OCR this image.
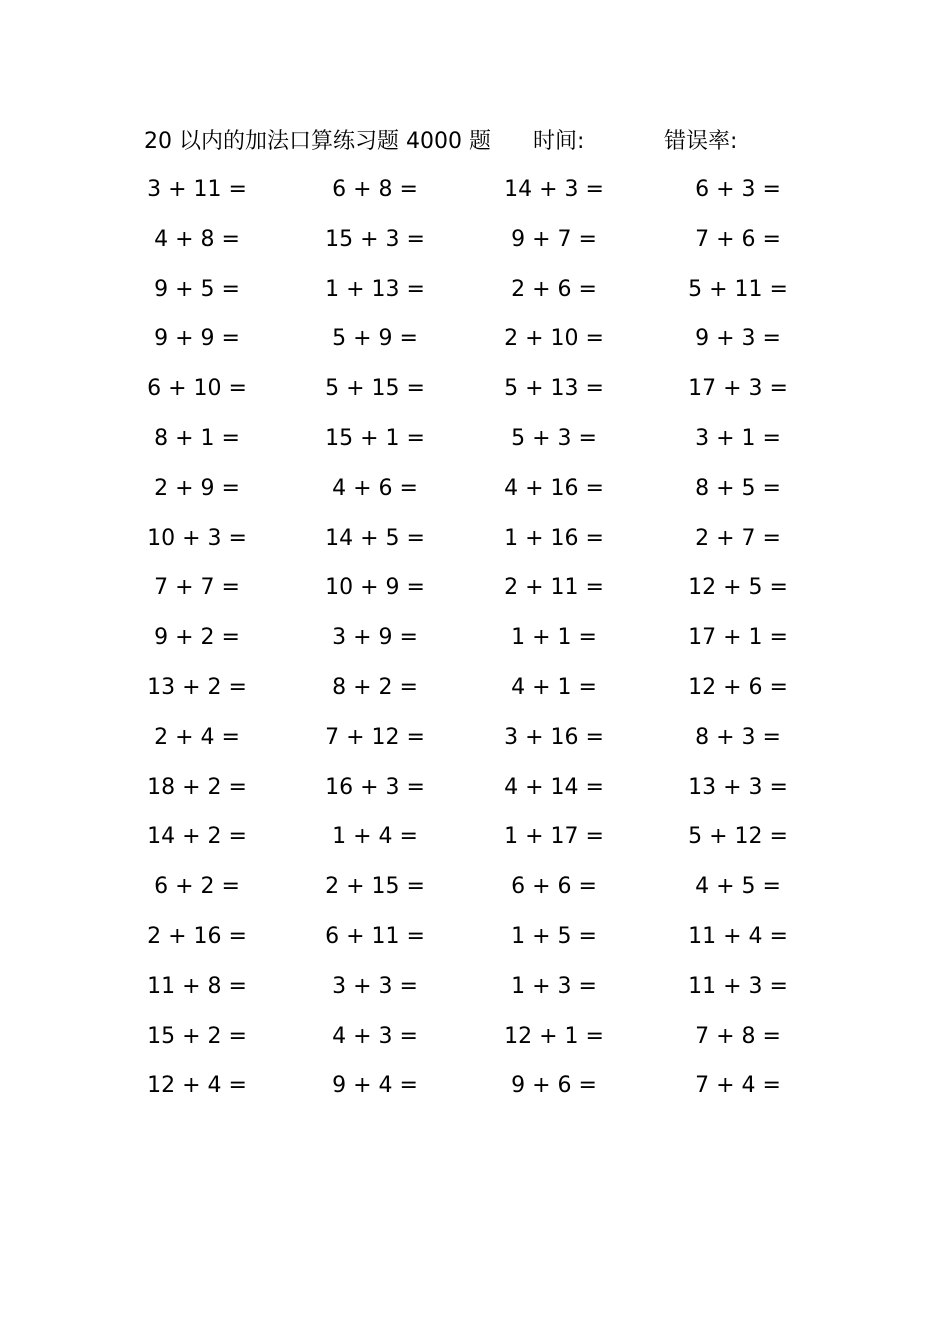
20 以内的加法口算练习题 4000 题 时间:	错误率:
3 + 11 =	6 + 8 =	14 + 3 =	6 + 3 =
4 + 8 =	15 + 3 =	9 + 7 =	7 + 6 =
9 + 5 =	1 + 13 =	2 + 6 =	5 + 11 =
9 + 9 =	5 + 9 =	2 + 10 =	9 + 3 =
6 + 10 =	5 + 15 =	5 + 13 =	17 + 3 =
8 + 1 =	15 + 1 =	5 + 3 =	3 + 1 =
2 + 9 =	4 + 6 =	4 + 16 =	8 + 5 =
10 + 3 =	14 + 5 =	1 + 16 =	2 + 7 =
7 + 7 =	10 + 9 =	2 + 11 =	12 + 5 =
9 + 2 =	3 + 9 =	1 + 1 =	17 + 1 =
13 + 2 =	8 + 2 =	4 + 1 =	12 + 6 =
2 + 4 =	7 + 12 =	3 + 16 =	8 + 3 =
18 + 2 =	16 + 3 =	4 + 14 =	13 + 3 =
14 + 2 =	1 + 4 =	1 + 17 =	5 + 12 =
6 + 2 =	2 + 15 =	6 + 6 =	4 + 5 =
2 + 16 =	6 + 11 =	1 + 5 =	11 + 4 =
11 + 8 =	3 + 3 =	1 + 3 =	11 + 3 =
15 + 2 =	4 + 3 =	12 + 1 =	7 + 8 =
12 + 4 =	9 + 4 =	9 + 6 =	7 + 4 =
